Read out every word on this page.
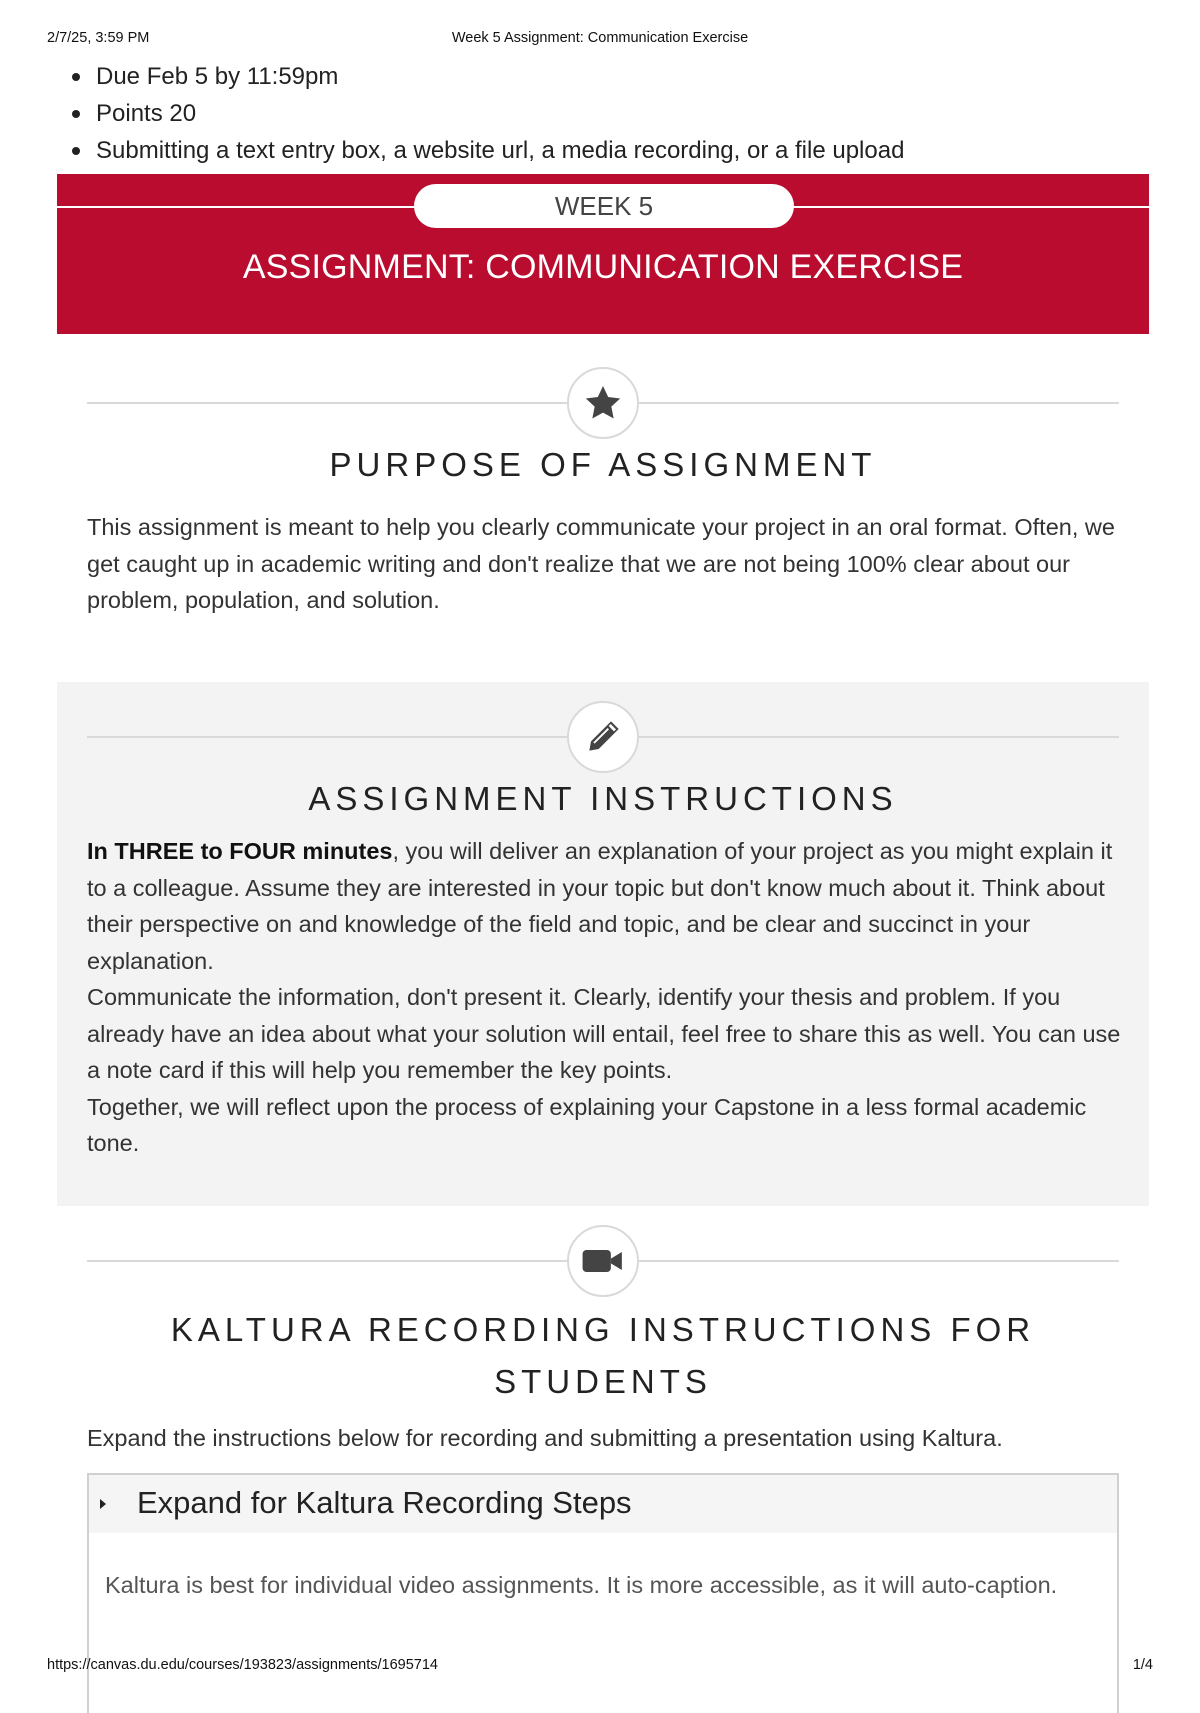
2/7/25, 3:59 PM	Week 5 Assignment: Communication Exercise
Due Feb 5 by 11:59pm
Points 20
Submitting a text entry box, a website url, a media recording, or a file upload
WEEK 5
ASSIGNMENT: COMMUNICATION EXERCISE
PURPOSE OF ASSIGNMENT

This assignment is meant to help you clearly communicate your project in an oral format. Often, we get caught up in academic writing and don't realize that we are not being 100% clear about our problem, population, and solution.

ASSIGNMENT INSTRUCTIONS

In THREE to FOUR minutes, you will deliver an explanation of your project as you might explain it to a colleague. Assume they are interested in your topic but don't know much about it. Think about their perspective on and knowledge of the field and topic, and be clear and succinct in your explanation.

Communicate the information, don't present it. Clearly, identify your thesis and problem. If you already have an idea about what your solution will entail, feel free to share this as well. You can use a note card if this will help you remember the key points.

Together, we will reflect upon the process of explaining your Capstone in a less formal academic tone.

KALTURA RECORDING INSTRUCTIONS FOR STUDENTS

Expand the instructions below for recording and submitting a presentation using Kaltura.

Expand for Kaltura Recording Steps
Kaltura is best for individual video assignments. It is more accessible, as it will auto-caption.
https://canvas.du.edu/courses/193823/assignments/1695714	1/4
